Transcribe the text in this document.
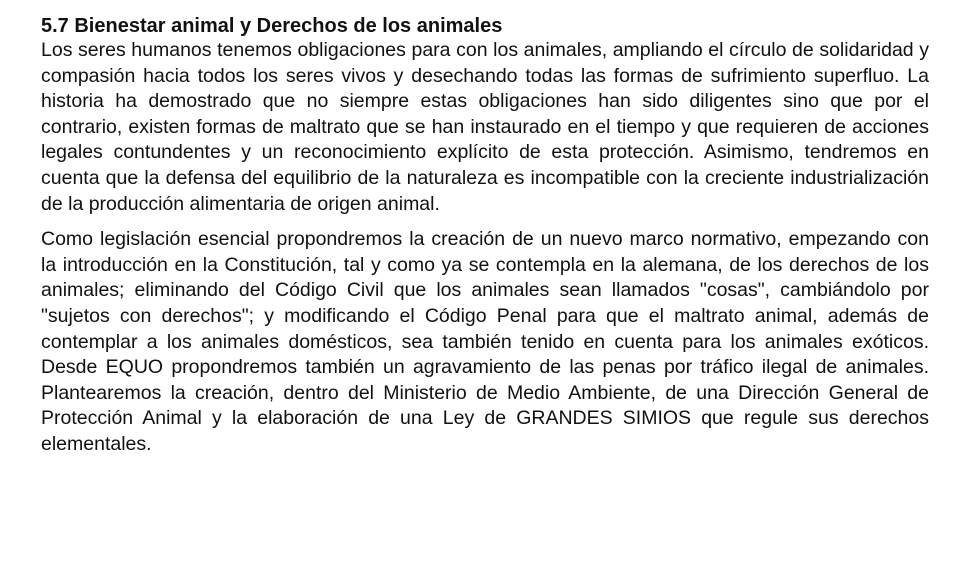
5.7 Bienestar animal y Derechos de los animales

Los seres humanos tenemos obligaciones para con los animales, ampliando el círculo de solidaridad y compasión hacia todos los seres vivos y desechando todas las formas de sufrimiento superfluo. La historia ha demostrado que no siempre estas obligaciones han sido diligentes sino que por el contrario, existen formas de maltrato que se han instaurado en el tiempo y que requieren de acciones legales contundentes y un reconocimiento explícito de esta protección. Asimismo, tendremos en cuenta que la defensa del equilibrio de la naturaleza es incompatible con la creciente industrialización de la producción alimentaria de origen animal.

Como legislación esencial propondremos la creación de un nuevo marco normativo, empezando con la introducción en la Constitución, tal y como ya se contempla en la alemana, de los derechos de los animales; eliminando del Código Civil que los animales sean llamados "cosas", cambiándolo por "sujetos con derechos"; y modificando el Código Penal para que el maltrato animal, además de contemplar a los animales domésticos, sea también tenido en cuenta para los animales exóticos. Desde EQUO propondremos también un agravamiento de las penas por tráfico ilegal de animales. Plantearemos la creación, dentro del Ministerio de Medio Ambiente, de una Dirección General de Protección Animal y la elaboración de una Ley de GRANDES SIMIOS que regule sus derechos elementales.
